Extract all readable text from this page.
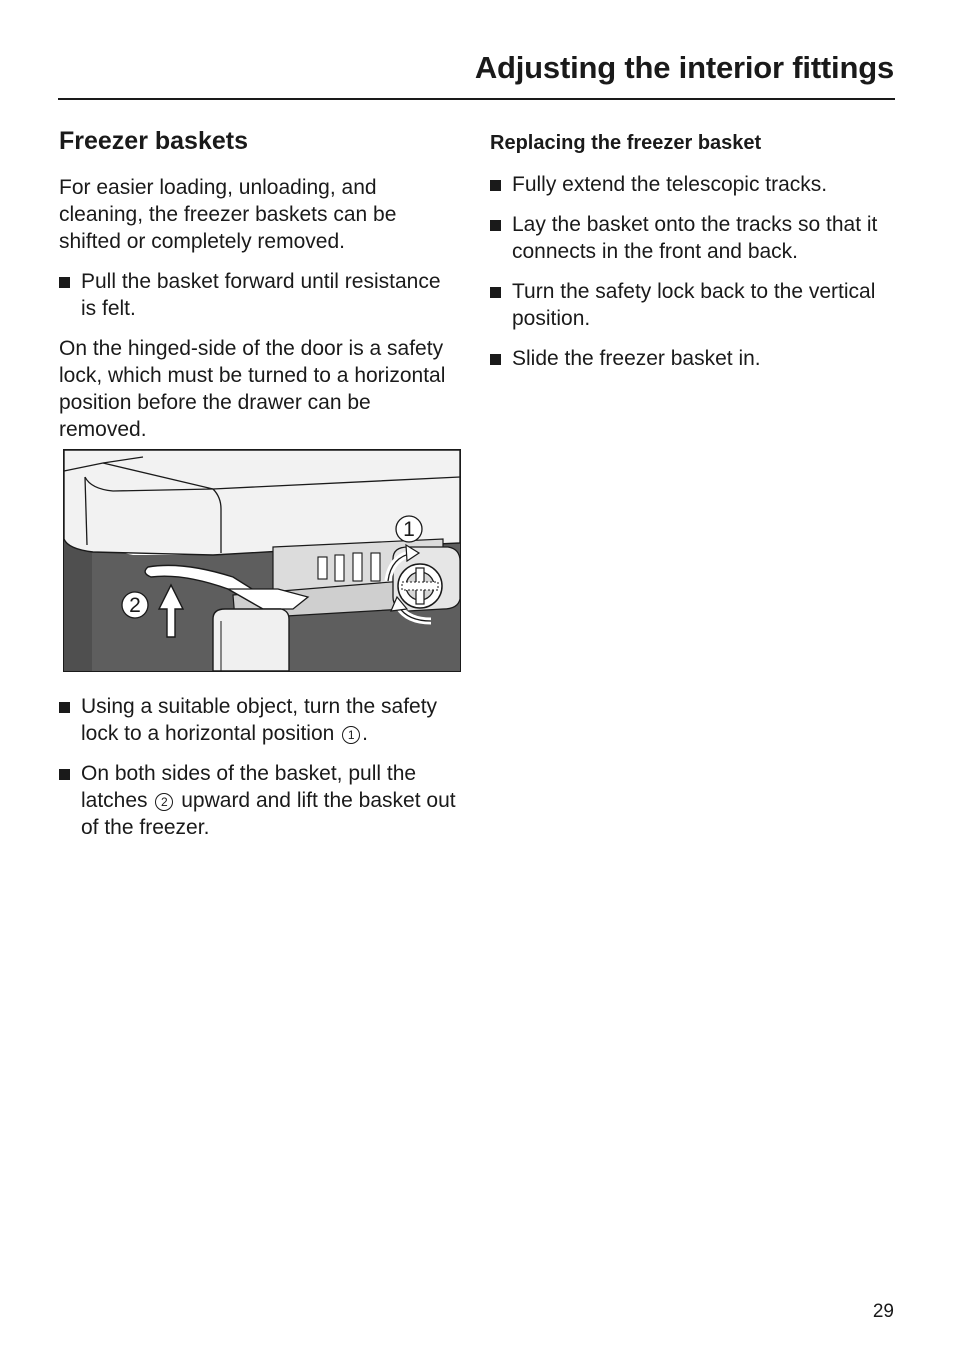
Adjusting the interior fittings
Freezer baskets

For easier loading, unloading, and cleaning, the freezer baskets can be shifted or completely removed.

Pull the basket forward until resistance is felt.

On the hinged-side of the door is a safety lock, which must be turned to a horizontal position before the drawer can be removed.

1
2
Using a suitable object, turn the safety lock to a horizontal position 1 .
On both sides of the basket, pull the latches 2 upward and lift the basket out of the freezer.
Replacing the freezer basket
Fully extend the telescopic tracks.
Lay the basket onto the tracks so that it connects in the front and back.
Turn the safety lock back to the vertical position.
Slide the freezer basket in.
29
